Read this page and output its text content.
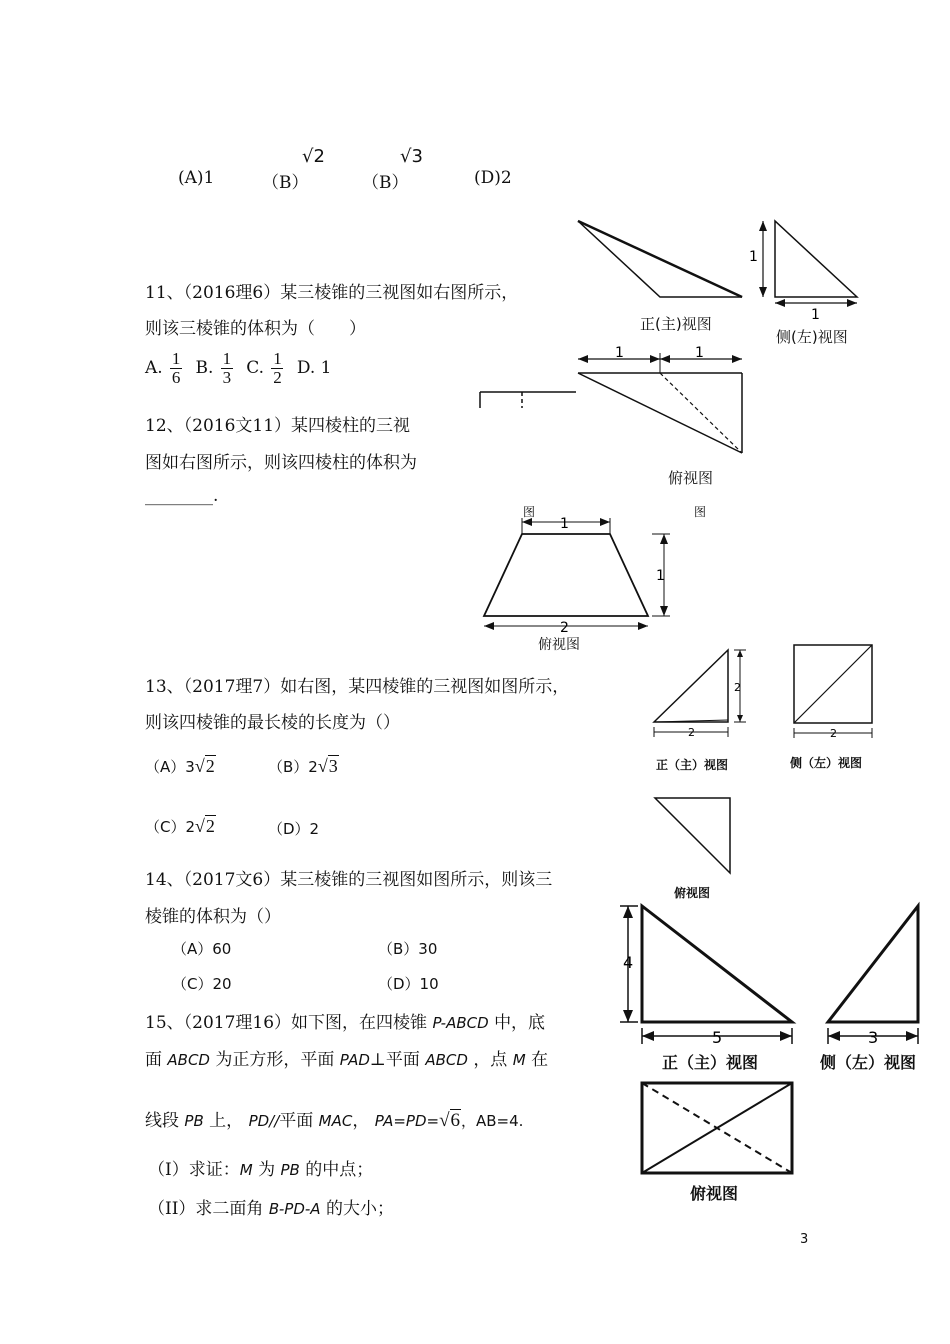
(A)1	（B）
√2
（B）
√3
(D)2
11、（2016理6）某三棱锥的三视图如右图所示，
则该三棱锥的体积为（　　）
A. $\frac{1}{6} B$. $\frac{1}{3} C$. $\frac{1}{2} D$. 1
正(主)视图
1
1
侧(左)视图
1	1
俯视图
12、（2016文11）某四棱柱的三视
图如右图所示，则该四棱柱的体积为
________.
图	图
1
1
2
俯视图
13、（2017理7）如右图，某四棱锥的三视图如图所示，
则该四棱锥的最长棱的长度为（）
（A）3√2	（B）2√3
（C）2√2	（D）2
2
2
正（主）视图
2
侧（左）视图
俯视图
14、（2017文6）某三棱锥的三视图如图所示，则该三
棱锥的体积为（）
（A）60	（B）30
（C）20	（D）10
4
5
正（主）视图
3
侧（左）视图
俯视图
15、（2017理16）如下图，在四棱锥 P-ABCD 中，底
面 ABCD 为正方形，平面 PAD⊥平面 ABCD ，点 M 在
线段 PB 上， PD//平面 MAC， PA=PD=√6，AB=4.
（I）求证：M 为 PB 的中点；
（II）求二面角 B-PD-A 的大小；
3
